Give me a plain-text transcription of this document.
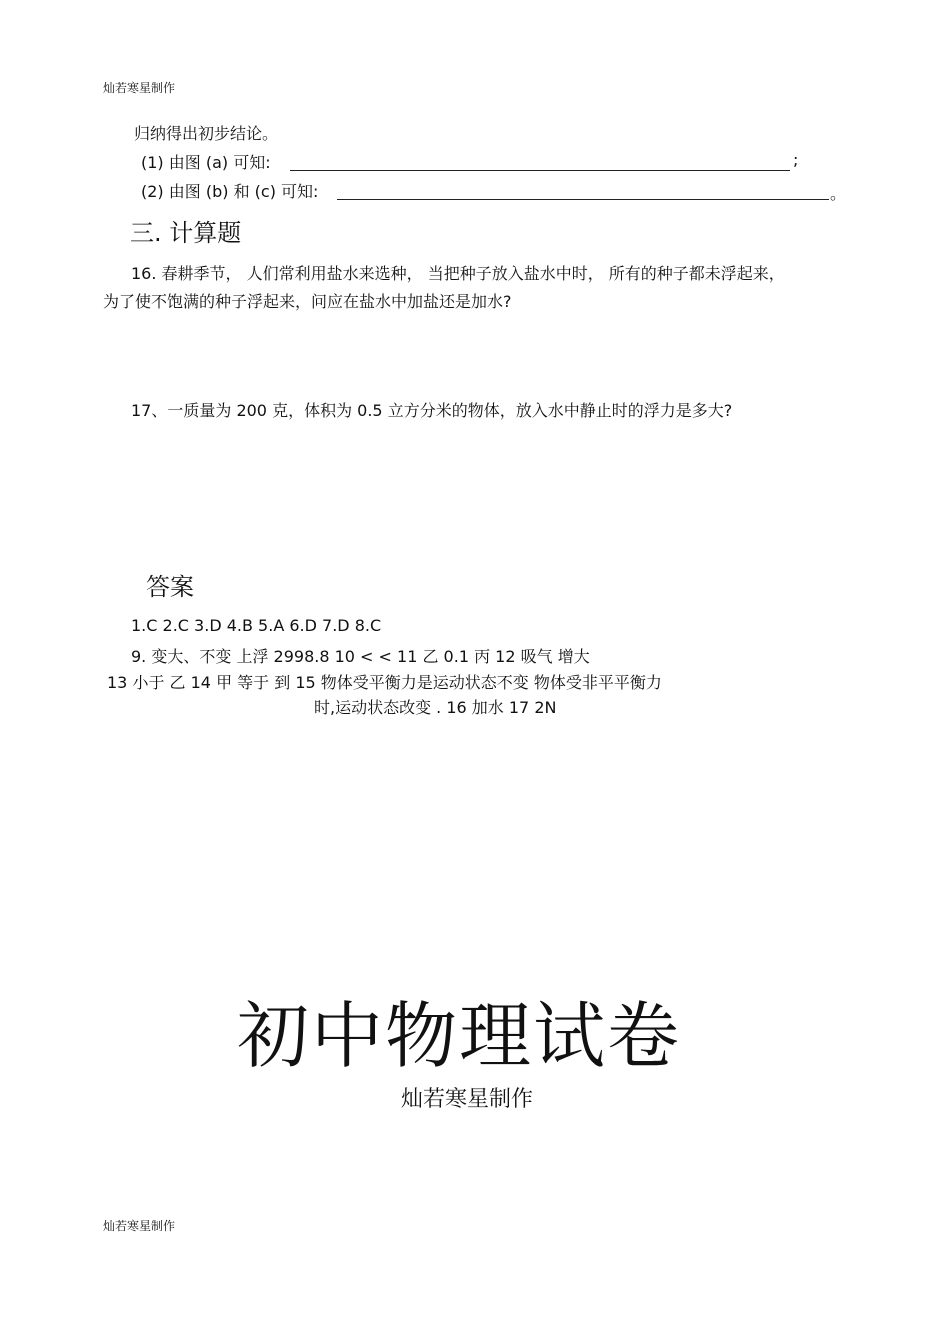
灿若寒星制作
归纳得出初步结论。
(1) 由图 (a) 可知:	;
(2) 由图 (b) 和 (c) 可知:	。
三. 计算题
16. 春耕季节， 人们常利用盐水来选种， 当把种子放入盐水中时， 所有的种子都未浮起来，
为了使不饱满的种子浮起来，问应在盐水中加盐还是加水?
17、一质量为 200 克，体积为 0.5 立方分米的物体，放入水中静止时的浮力是多大?
答案
1.C 2.C 3.D 4.B 5.A 6.D 7.D 8.C
9. 变大、不变 上浮 2998.8 10 < < 11 乙 0.1 丙 12 吸气 增大
13 小于 乙 14 甲 等于 到 15 物体受平衡力是运动状态不变 物体受非平平衡力
时,运动状态改变 . 16 加水 17 2N
初中物理试卷
灿若寒星制作
灿若寒星制作
